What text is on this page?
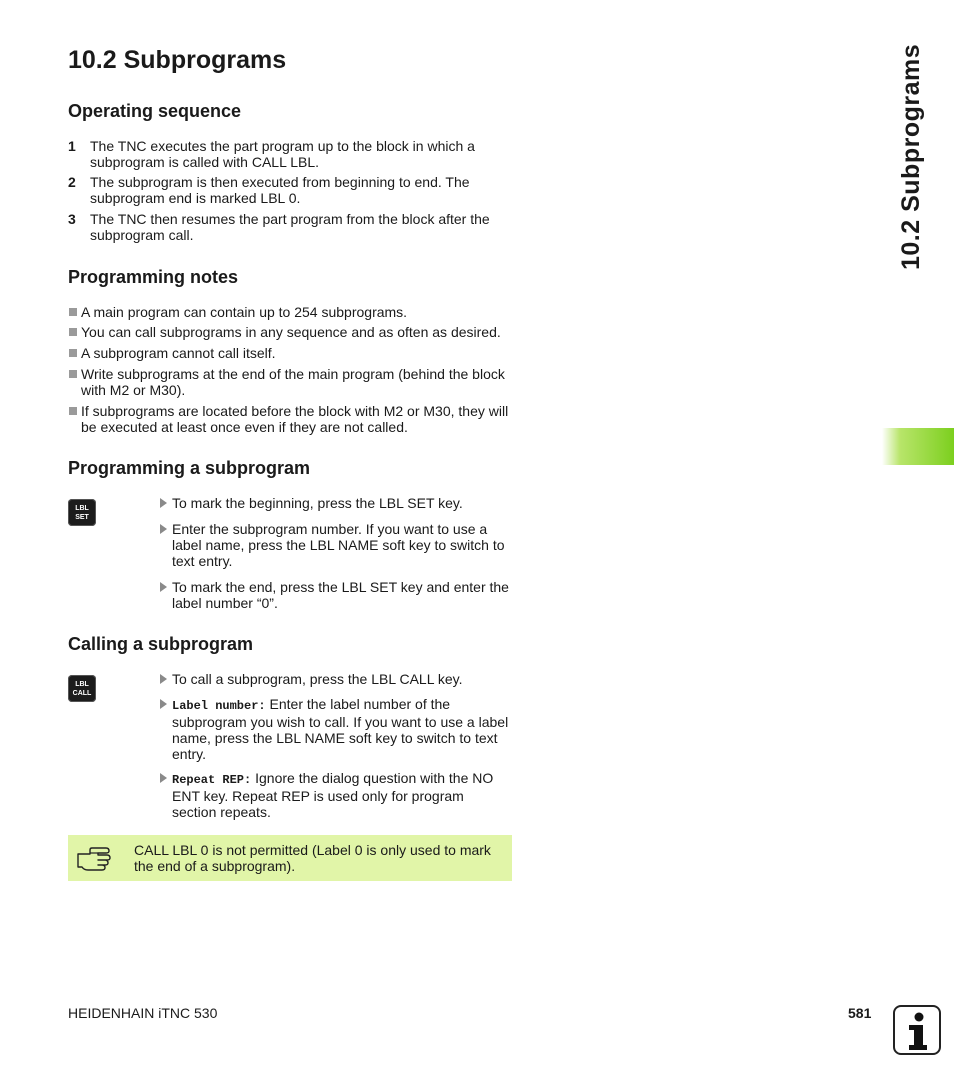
10.2 Subprograms
Operating sequence
1 The TNC executes the part program up to the block in which a subprogram is called with CALL LBL.
2 The subprogram is then executed from beginning to end. The subprogram end is marked LBL 0.
3 The TNC then resumes the part program from the block after the subprogram call.
Programming notes
A main program can contain up to 254 subprograms.
You can call subprograms in any sequence and as often as desired.
A subprogram cannot call itself.
Write subprograms at the end of the main program (behind the block with M2 or M30).
If subprograms are located before the block with M2 or M30, they will be executed at least once even if they are not called.
Programming a subprogram
LBL
SET
To mark the beginning, press the LBL SET key.
Enter the subprogram number. If you want to use a label name, press the LBL NAME soft key to switch to text entry.
To mark the end, press the LBL SET key and enter the label number “0”.
Calling a subprogram
LBL
CALL
To call a subprogram, press the LBL CALL key.
Label number: Enter the label number of the subprogram you wish to call. If you want to use a label name, press the LBL NAME soft key to switch to text entry.
Repeat REP: Ignore the dialog question with the NO ENT key. Repeat REP is used only for program section repeats.
CALL LBL 0 is not permitted (Label 0 is only used to mark the end of a subprogram).
10.2 Subprograms
HEIDENHAIN iTNC 530	581
